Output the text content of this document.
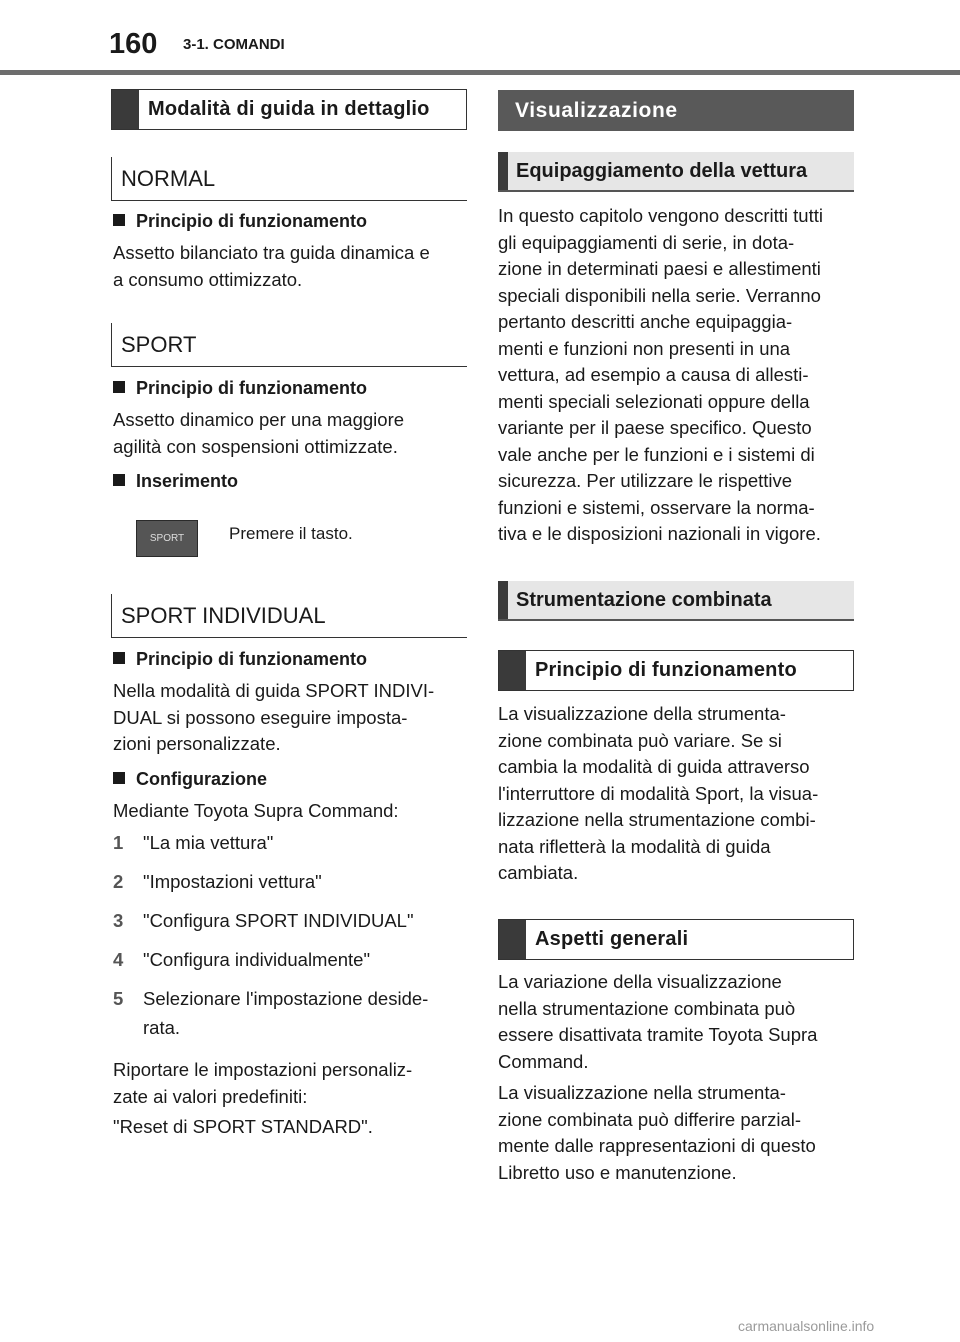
160 3-1. COMANDI
Modalità di guida in dettaglio
NORMAL
Principio di funzionamento
Assetto bilanciato tra guida dinamica e
a consumo ottimizzato.
SPORT
Principio di funzionamento
Assetto dinamico per una maggiore
agilità con sospensioni ottimizzate.
Inserimento
SPORT	Premere il tasto.
SPORT INDIVIDUAL
Principio di funzionamento
Nella modalità di guida SPORT INDIVI-
DUAL si possono eseguire imposta-
zioni personalizzate.
Configurazione
Mediante Toyota Supra Command:
1 "La mia vettura"
2 "Impostazioni vettura"
3 "Configura SPORT INDIVIDUAL"
4 "Configura individualmente"
5 Selezionare l'impostazione deside-
rata.
Riportare le impostazioni personaliz-
zate ai valori predefiniti:
"Reset di SPORT STANDARD".
Visualizzazione
Equipaggiamento della vettura
In questo capitolo vengono descritti tutti
gli equipaggiamenti di serie, in dota-
zione in determinati paesi e allestimenti
speciali disponibili nella serie. Verranno
pertanto descritti anche equipaggia-
menti e funzioni non presenti in una
vettura, ad esempio a causa di allesti-
menti speciali selezionati oppure della
variante per il paese specifico. Questo
vale anche per le funzioni e i sistemi di
sicurezza. Per utilizzare le rispettive
funzioni e sistemi, osservare la norma-
tiva e le disposizioni nazionali in vigore.
Strumentazione combinata
Principio di funzionamento
La visualizzazione della strumenta-
zione combinata può variare. Se si
cambia la modalità di guida attraverso
l'interruttore di modalità Sport, la visua-
lizzazione nella strumentazione combi-
nata rifletterà la modalità di guida
cambiata.
Aspetti generali
La variazione della visualizzazione
nella strumentazione combinata può
essere disattivata tramite Toyota Supra
Command.
La visualizzazione nella strumenta-
zione combinata può differire parzial-
mente dalle rappresentazioni di questo
Libretto uso e manutenzione.
carmanualsonline.info
